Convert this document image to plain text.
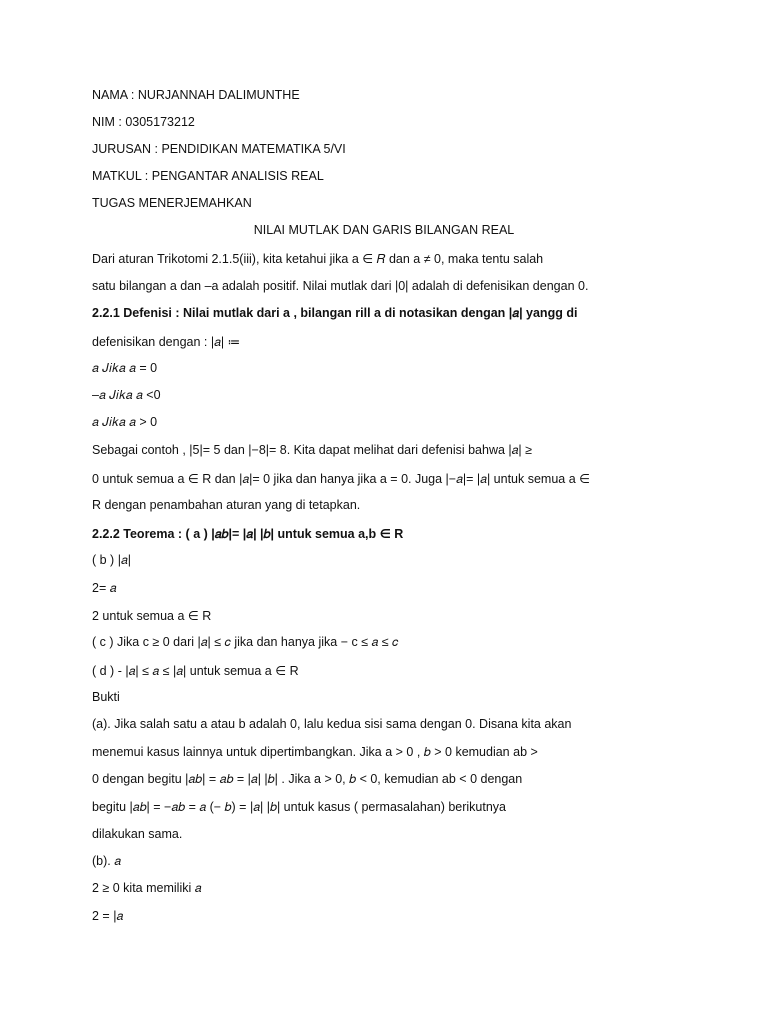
NAMA : NURJANNAH DALIMUNTHE
NIM : 0305173212
JURUSAN : PENDIDIKAN MATEMATIKA 5/VI
MATKUL : PENGANTAR ANALISIS REAL
TUGAS MENERJEMAHKAN
NILAI MUTLAK DAN GARIS BILANGAN REAL
Dari aturan Trikotomi 2.1.5(iii), kita ketahui jika a ∈ 𝑅 dan a ≠ 0, maka tentu salah
satu bilangan a dan –a adalah positif. Nilai mutlak dari |0| adalah di defenisikan dengan 0.
2.2.1 Defenisi : Nilai mutlak dari a , bilangan rill a di notasikan dengan |𝑎| yangg di
defenisikan dengan : |𝑎| ≔
𝑎 𝐽𝑖𝑘𝑎 𝑎 = 0
–𝑎 𝐽𝑖𝑘𝑎 𝑎 <0
𝑎 𝐽𝑖𝑘𝑎 𝑎 > 0
Sebagai contoh , |5|= 5 dan |−8|= 8. Kita dapat melihat dari defenisi bahwa |𝑎| ≥
0 untuk semua a ∈ R dan |𝑎|= 0 jika dan hanya jika a = 0. Juga |−𝑎|= |𝑎| untuk semua a ∈
R dengan penambahan aturan yang di tetapkan.
2.2.2 Teorema : ( a ) |𝑎𝑏|= |𝑎| |𝑏| untuk semua a,b ∈ R
( b ) |𝑎|
2= 𝑎
2 untuk semua a ∈ R
( c ) Jika c ≥ 0 dari |𝑎| ≤ 𝑐 jika dan hanya jika − c ≤ 𝑎 ≤ 𝑐
( d ) - |𝑎| ≤ 𝑎 ≤ |𝑎| untuk semua a ∈ R
Bukti
(a). Jika salah satu a atau b adalah 0, lalu kedua sisi sama dengan 0. Disana kita akan
menemui kasus lainnya untuk dipertimbangkan. Jika a > 0 , 𝑏 > 0 kemudian ab >
0 dengan begitu |𝑎𝑏| = 𝑎𝑏 = |𝑎| |𝑏| . Jika a > 0, 𝑏 < 0, kemudian ab < 0 dengan
begitu |𝑎𝑏| = −𝑎𝑏 = 𝑎 (− 𝑏) = |𝑎| |𝑏| untuk kasus ( permasalahan) berikutnya
dilakukan sama.
(b). 𝑎
2 ≥ 0 kita memiliki 𝑎
2 = |𝑎
